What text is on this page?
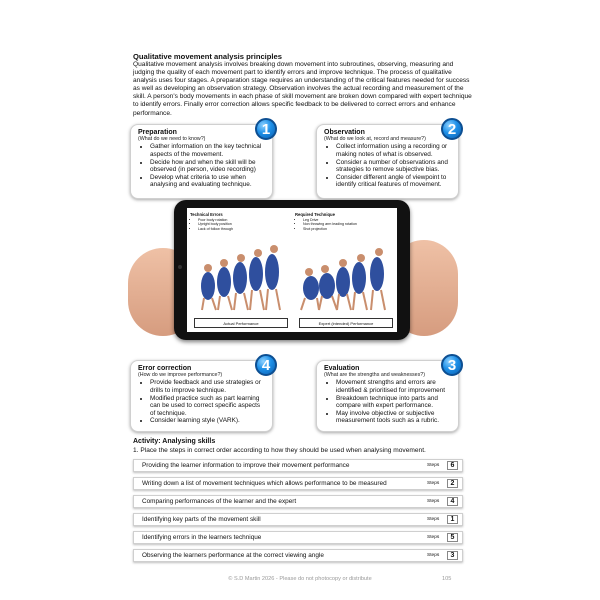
Qualitative movement analysis principles
Qualitative movement analysis involves breaking down movement into subroutines, observing, measuring and judging the quality of each movement part to identify errors and improve technique. The process of qualitative analysis uses four stages. A preparation stage requires an understanding of the critical features needed for success as well as developing an observation strategy. Observation involves the actual recording and measurement of the skill. A person's body movements in each phase of skill movement are broken down compared with expert technique to identify errors. Finally error correction allows specific feedback to be delivered to correct errors and enhance performance.
1
Preparation
(What do we need to know?)
• Gather information on the key technical aspects of the movement.
• Decide how and when the skill will be observed (in person, video recording)
• Develop what criteria to use when analysing and evaluating technique.
2
Observation
(What do we look at, record and measure?)
• Collect information using a recording or making notes of what is observed.
• Consider a number of observations and strategies to remove subjective bias.
• Consider different angle of viewpoint to identify critical features of movement.
Technical Errors
• Poor body rotation
• Upright body position
• Lack of follow through
Actual Performance
Required Technique
• Leg Drive
• Non throwing arm leading rotation
• Shot projection
Expert (intended) Performance
4
Error correction
(How do we improve performance?)
• Provide feedback and use strategies or drills to improve technique.
• Modified practice such as part learning can be used to correct specific aspects of technique.
• Consider learning style (VARK).
3
Evaluation
(What are the strengths and weaknesses?)
• Movement strengths and errors are identified & prioritised for improvement
• Breakdown technique into parts and compare with expert performance.
• May involve objective or subjective measurement tools such as a rubric.
Activity: Analysing skills
1. Place the steps in correct order according to how they should be used when analysing movement.
Providing the learner information to improve their movement performance	Steps	6
Writing down a list of movement techniques which allows performance to be measured	Steps	2
Comparing performances of the learner and the expert	Steps	4
Identifying key parts of the movement skill	Steps	1
Identifying errors in the learners technique	Steps	5
Observing the learners performance at the correct viewing angle	Steps	3
© S.D Martin 2026 - Please do not photocopy or distribute	105
